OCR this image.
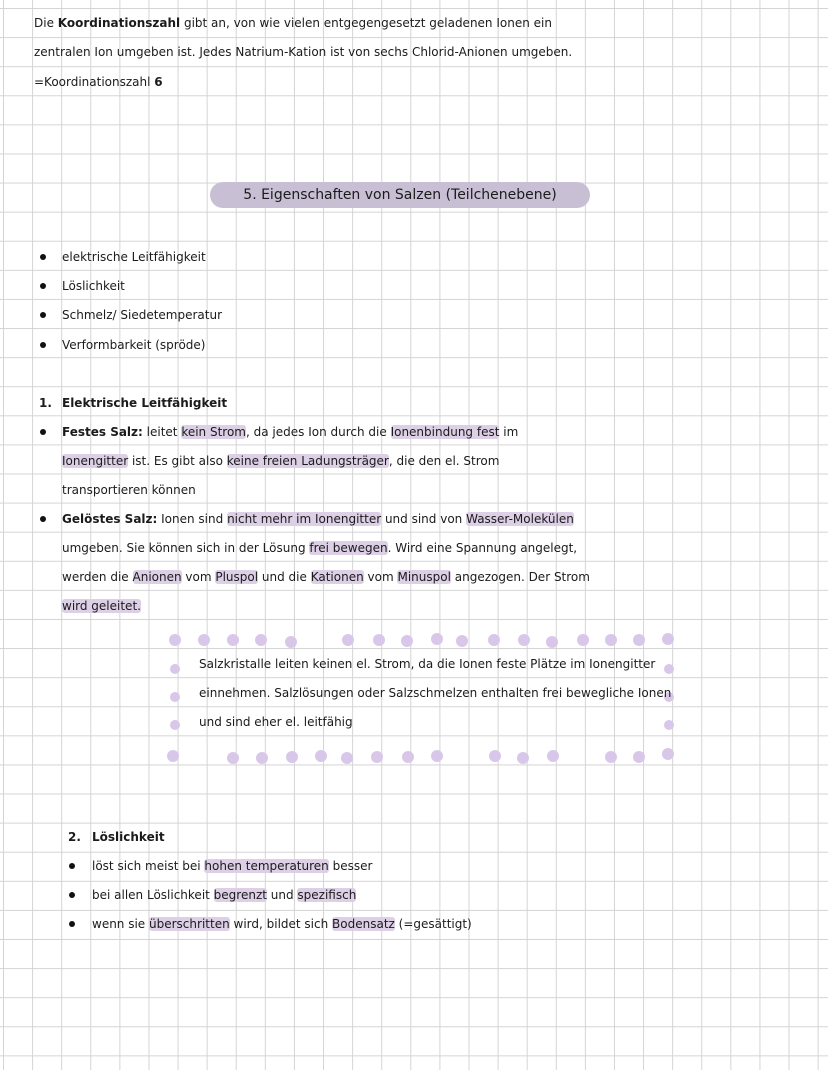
Die Koordinationszahl gibt an, von wie vielen entgegengesetzt geladenen Ionen ein
zentralen Ion umgeben ist. Jedes Natrium-Kation ist von sechs Chlorid-Anionen umgeben.
=Koordinationszahl 6
5. Eigenschaften von Salzen (Teilchenebene)
elektrische Leitfähigkeit
Löslichkeit
Schmelz/ Siedetemperatur
Verformbarkeit (spröde)
1. Elektrische Leitfähigkeit
Festes Salz: leitet kein Strom, da jedes Ion durch die Ionenbindung fest im
Ionengitter ist. Es gibt also keine freien Ladungsträger, die den el. Strom
transportieren können
Gelöstes Salz: Ionen sind nicht mehr im Ionengitter und sind von Wasser-Molekülen
umgeben. Sie können sich in der Lösung frei bewegen. Wird eine Spannung angelegt,
werden die Anionen vom Pluspol und die Kationen vom Minuspol angezogen. Der Strom
wird geleitet.
Salzkristalle leiten keinen el. Strom, da die Ionen feste Plätze im Ionengitter
einnehmen. Salzlösungen oder Salzschmelzen enthalten frei bewegliche Ionen
und sind eher el. leitfähig
2. Löslichkeit
löst sich meist bei hohen temperaturen besser
bei allen Löslichkeit begrenzt und spezifisch
wenn sie überschritten wird, bildet sich Bodensatz (=gesättigt)
